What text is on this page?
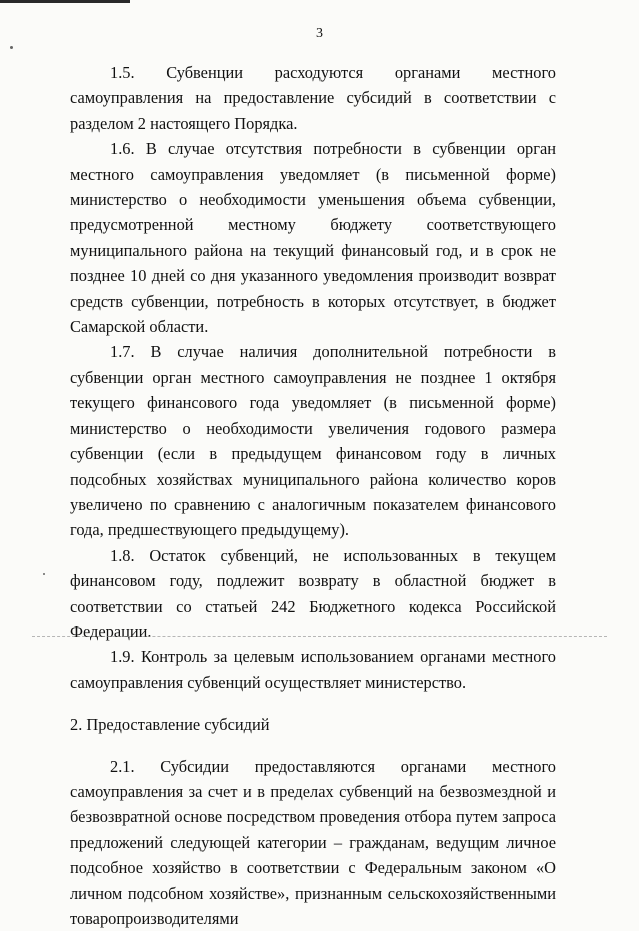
3

1.5. Субвенции расходуются органами местного самоуправления на предоставление субсидий в соответствии с разделом 2 настоящего Порядка.

1.6. В случае отсутствия потребности в субвенции орган местного самоуправления уведомляет (в письменной форме) министерство о необходимости уменьшения объема субвенции, предусмотренной местному бюджету соответствующего муниципального района на текущий финансовый год, и в срок не позднее 10 дней со дня указанного уведомления производит возврат средств субвенции, потребность в которых отсутствует, в бюджет Самарской области.

1.7. В случае наличия дополнительной потребности в субвенции орган местного самоуправления не позднее 1 октября текущего финансового года уведомляет (в письменной форме) министерство о необходимости увеличения годового размера субвенции (если в предыдущем финансовом году в личных подсобных хозяйствах муниципального района количество коров увеличено по сравнению с аналогичным показателем финансового года, предшествующего предыдущему).

1.8. Остаток субвенций, не использованных в текущем финансовом году, подлежит возврату в областной бюджет в соответствии со статьей 242 Бюджетного кодекса Российской Федерации.

1.9. Контроль за целевым использованием органами местного самоуправления субвенций осуществляет министерство.

2. Предоставление субсидий

2.1. Субсидии предоставляются органами местного самоуправления за счет и в пределах субвенций на безвозмездной и безвозвратной основе посредством проведения отбора путем запроса предложений следующей категории – гражданам, ведущим личное подсобное хозяйство в соответствии с Федеральным законом «О личном подсобном хозяйстве», признанным сельскохозяйственными товаропроизводителями
